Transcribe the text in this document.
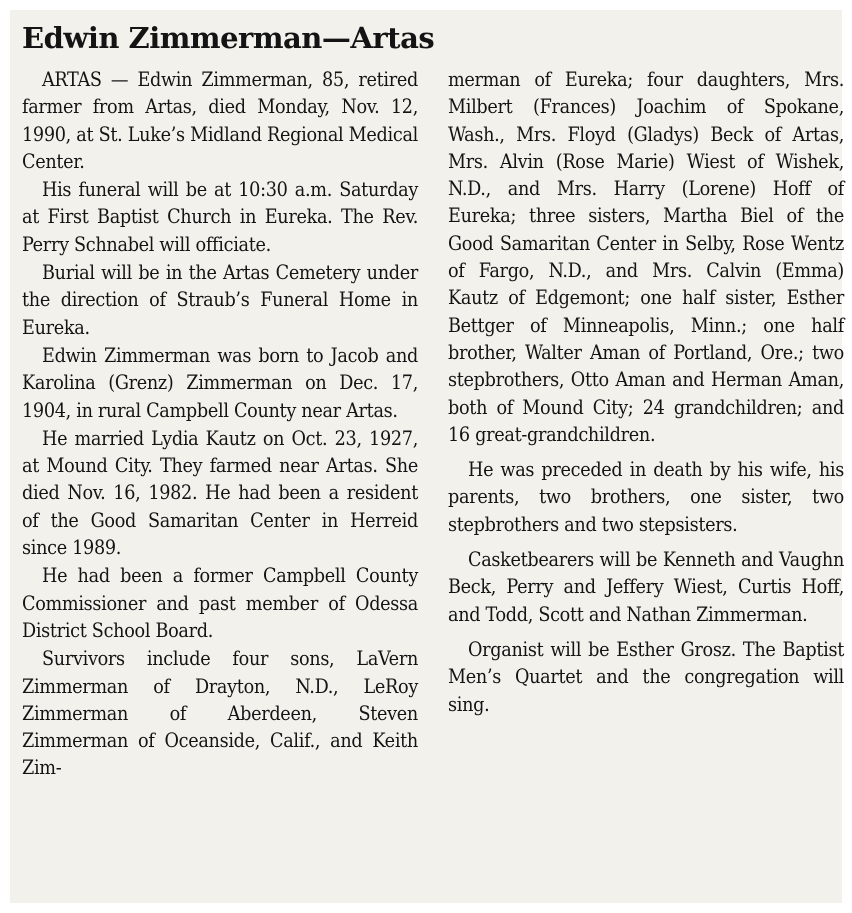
Edwin Zimmerman—Artas

ARTAS — Edwin Zimmerman, 85, retired farmer from Artas, died Monday, Nov. 12, 1990, at St. Luke’s Midland Regional Medical Center.

His funeral will be at 10:30 a.m. Saturday at First Baptist Church in Eureka. The Rev. Perry Schnabel will officiate.

Burial will be in the Artas Cemetery under the direction of Straub’s Funeral Home in Eureka.

Edwin Zimmerman was born to Jacob and Karolina (Grenz) Zimmerman on Dec. 17, 1904, in rural Campbell County near Artas.

He married Lydia Kautz on Oct. 23, 1927, at Mound City. They farmed near Artas. She died Nov. 16, 1982. He had been a resident of the Good Samaritan Center in Herreid since 1989.

He had been a former Campbell County Commissioner and past member of Odessa District School Board.

Survivors include four sons, LaVern Zimmerman of Drayton, N.D., LeRoy Zimmerman of Aberdeen, Steven Zimmerman of Oceanside, Calif., and Keith Zim-

merman of Eureka; four daughters, Mrs. Milbert (Frances) Joachim of Spokane, Wash., Mrs. Floyd (Gladys) Beck of Artas, Mrs. Alvin (Rose Marie) Wiest of Wishek, N.D., and Mrs. Harry (Lorene) Hoff of Eureka; three sisters, Martha Biel of the Good Samaritan Center in Selby, Rose Wentz of Fargo, N.D., and Mrs. Calvin (Emma) Kautz of Edgemont; one half sister, Esther Bettger of Minneapolis, Minn.; one half brother, Walter Aman of Portland, Ore.; two stepbrothers, Otto Aman and Herman Aman, both of Mound City; 24 grandchildren; and 16 great-grandchildren.

He was preceded in death by his wife, his parents, two brothers, one sister, two stepbrothers and two stepsisters.

Casketbearers will be Kenneth and Vaughn Beck, Perry and Jeffery Wiest, Curtis Hoff, and Todd, Scott and Nathan Zimmerman.

Organist will be Esther Grosz. The Baptist Men’s Quartet and the congregation will sing.
